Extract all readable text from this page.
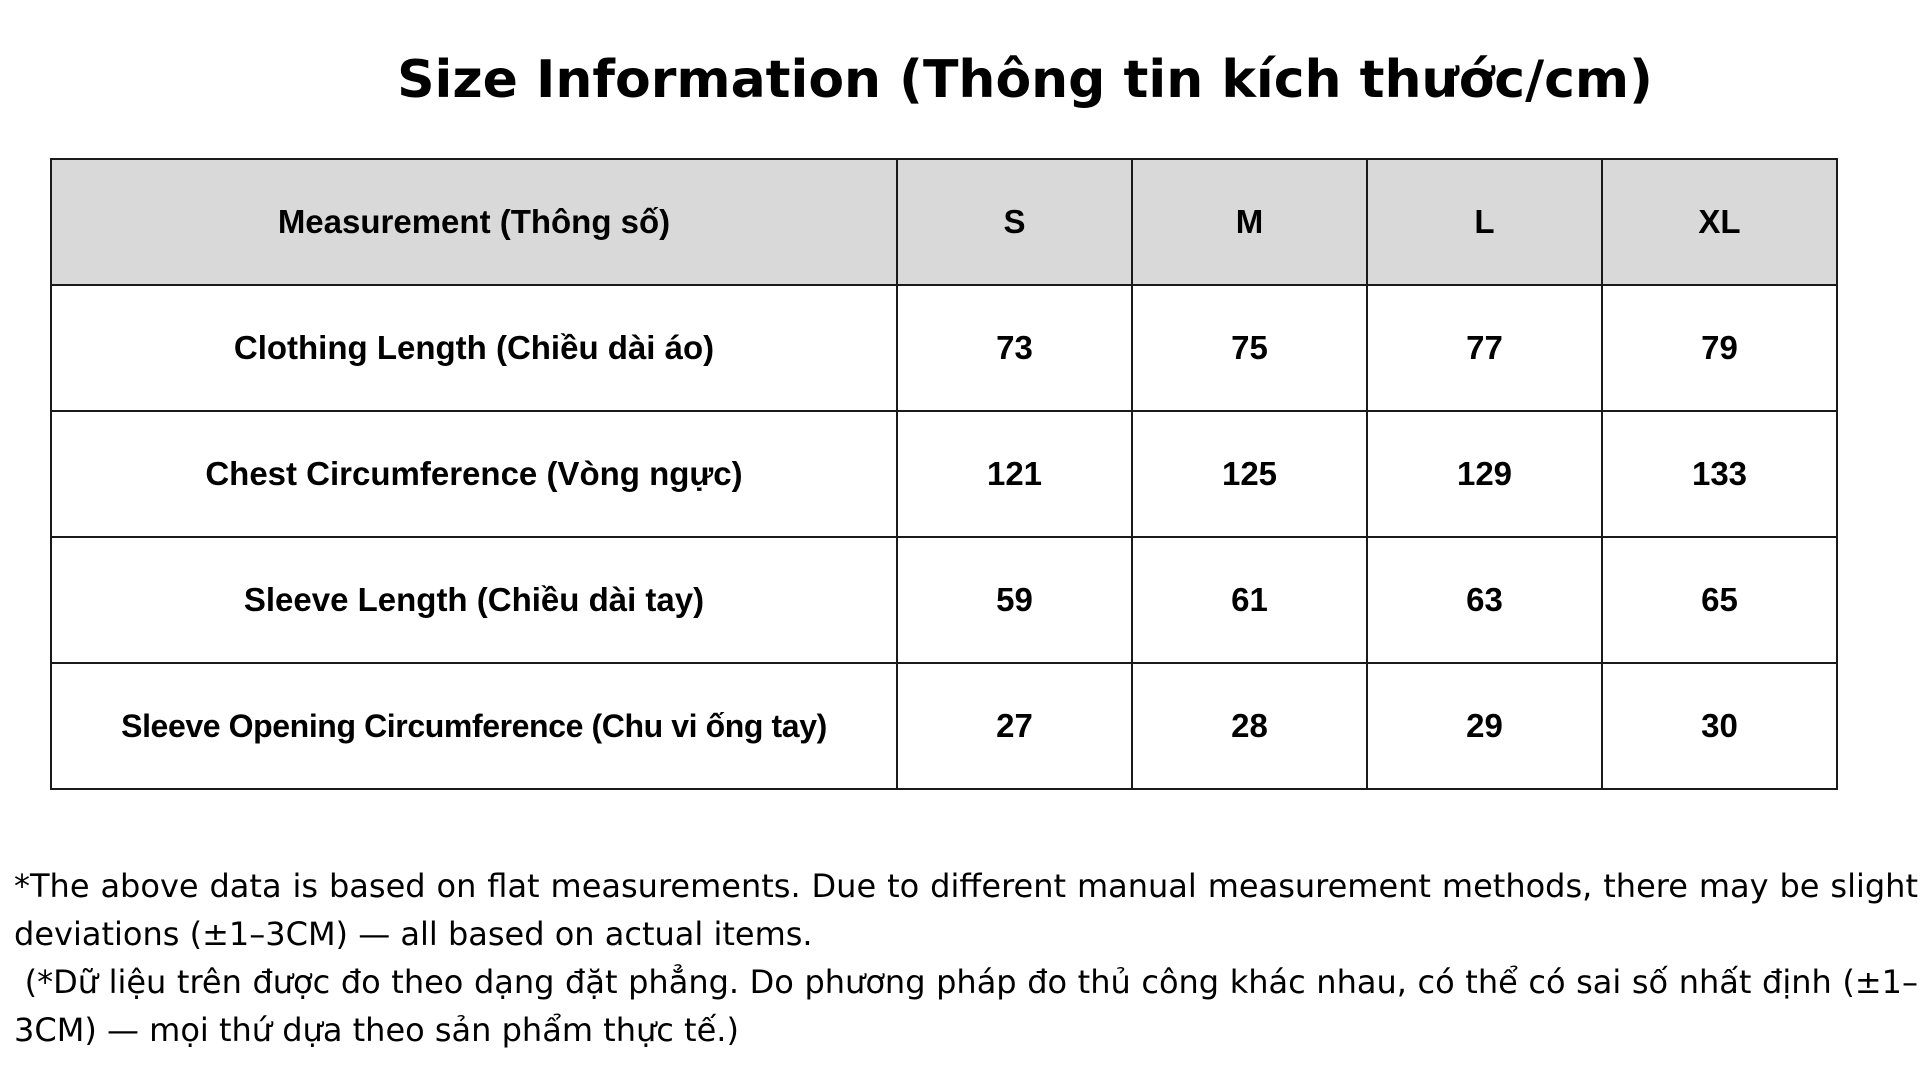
Size Information (Thông tin kích thước/cm)
Measurement (Thông số)	S	M	L	XL
Clothing Length (Chiều dài áo)	73	75	77	79
Chest Circumference (Vòng ngực)	121	125	129	133
Sleeve Length (Chiều dài tay)	59	61	63	65
Sleeve Opening Circumference (Chu vi ống tay)	27	28	29	30

*The above data is based on flat measurements. Due to different manual measurement methods, there may be slight deviations (±1–3CM) — all based on actual items.

(*Dữ liệu trên được đo theo dạng đặt phẳng. Do phương pháp đo thủ công khác nhau, có thể có sai số nhất định (±1–3CM) — mọi thứ dựa theo sản phẩm thực tế.)
